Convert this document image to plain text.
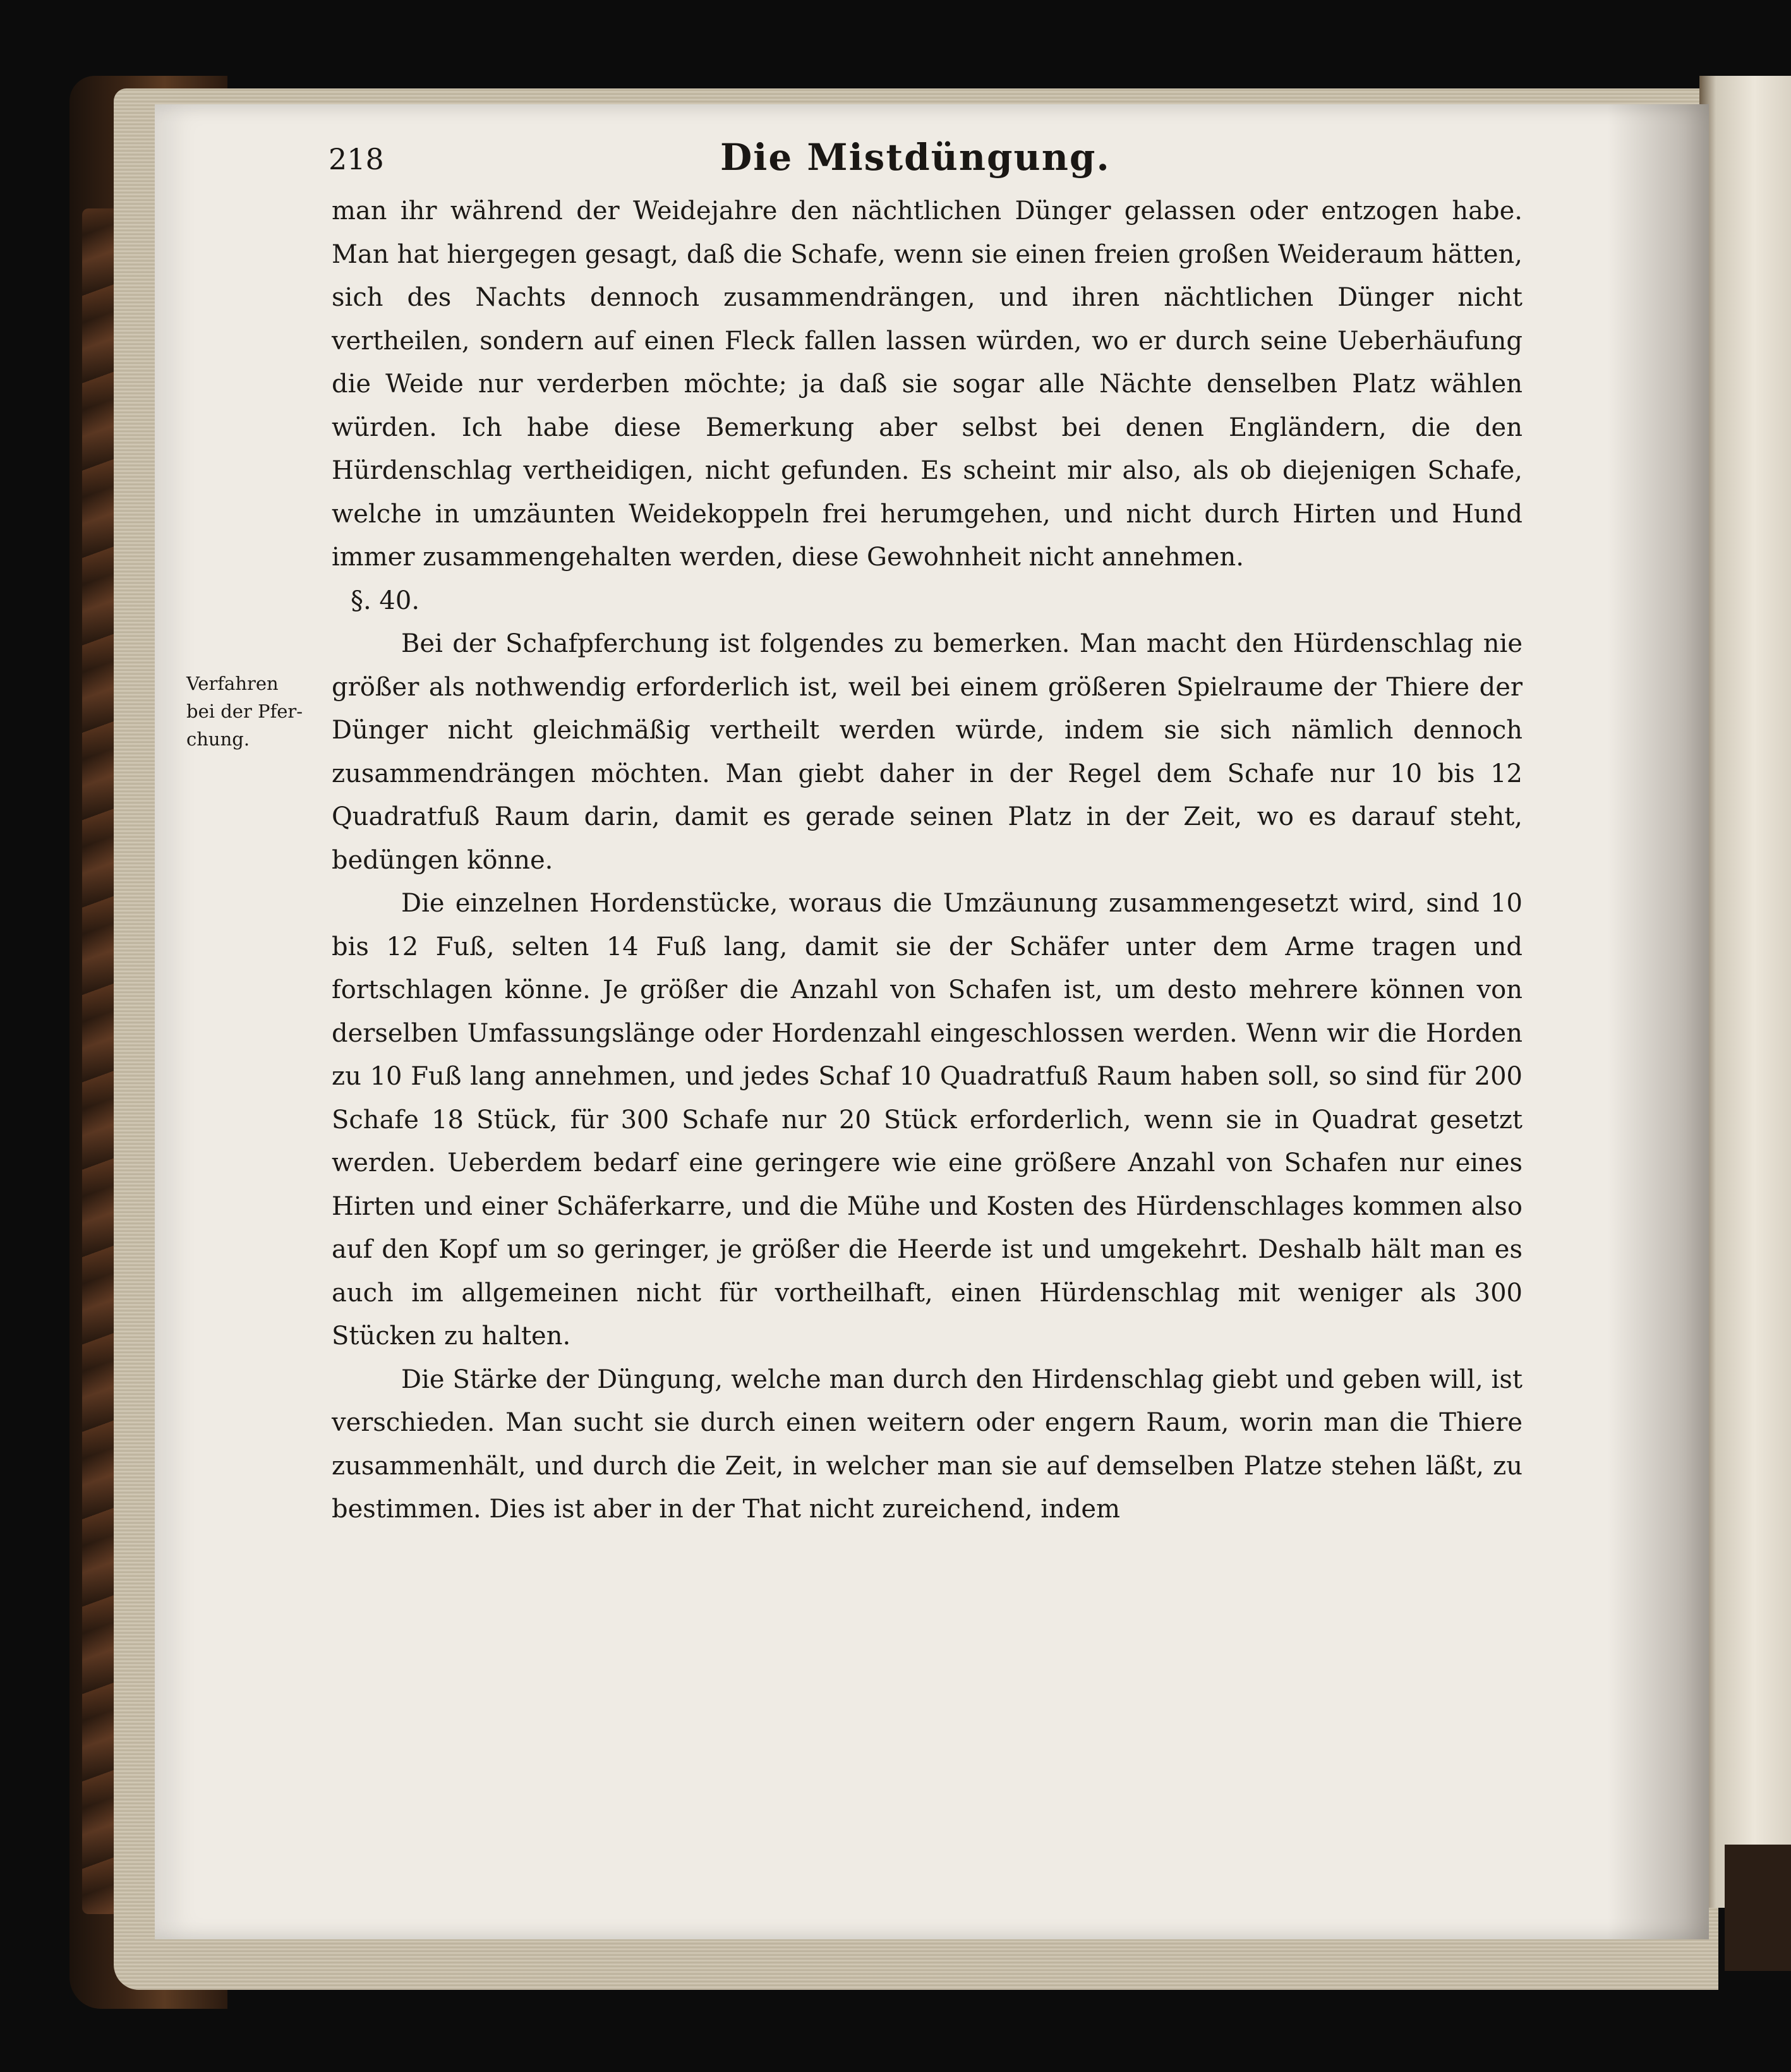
218	Die Mistdüngung.
Verfahren
bei der Pfer-
chung.

man ihr während der Weidejahre den nächtlichen Dünger gelassen oder entzogen habe. Man hat hiergegen gesagt, daß die Schafe, wenn sie einen freien großen Weideraum hätten, sich des Nachts dennoch zusammendrängen, und ihren nächtlichen Dünger nicht vertheilen, sondern auf einen Fleck fallen lassen würden, wo er durch seine Ueberhäufung die Weide nur verderben möchte; ja daß sie sogar alle Nächte denselben Platz wählen würden. Ich habe diese Bemerkung aber selbst bei denen Engländern, die den Hürdenschlag vertheidigen, nicht gefunden. Es scheint mir also, als ob diejenigen Schafe, welche in umzäunten Weidekoppeln frei herumgehen, und nicht durch Hirten und Hund immer zusammengehalten werden, diese Gewohnheit nicht annehmen.

§. 40.

Bei der Schafpferchung ist folgendes zu bemerken. Man macht den Hürdenschlag nie größer als nothwendig erforderlich ist, weil bei einem größeren Spielraume der Thiere der Dünger nicht gleichmäßig vertheilt werden würde, indem sie sich nämlich dennoch zusammendrängen möchten. Man giebt daher in der Regel dem Schafe nur 10 bis 12 Quadratfuß Raum darin, damit es gerade seinen Platz in der Zeit, wo es darauf steht, bedüngen könne.

Die einzelnen Hordenstücke, woraus die Umzäunung zusammengesetzt wird, sind 10 bis 12 Fuß, selten 14 Fuß lang, damit sie der Schäfer unter dem Arme tragen und fortschlagen könne. Je größer die Anzahl von Schafen ist, um desto mehrere können von derselben Umfassungslänge oder Hordenzahl eingeschlossen werden. Wenn wir die Horden zu 10 Fuß lang annehmen, und jedes Schaf 10 Quadratfuß Raum haben soll, so sind für 200 Schafe 18 Stück, für 300 Schafe nur 20 Stück erforderlich, wenn sie in Quadrat gesetzt werden. Ueberdem bedarf eine geringere wie eine größere Anzahl von Schafen nur eines Hirten und einer Schäferkarre, und die Mühe und Kosten des Hürdenschlages kommen also auf den Kopf um so geringer, je größer die Heerde ist und umgekehrt. Deshalb hält man es auch im allgemeinen nicht für vortheilhaft, einen Hürdenschlag mit weniger als 300 Stücken zu halten.

Die Stärke der Düngung, welche man durch den Hirdenschlag giebt und geben will, ist verschieden. Man sucht sie durch einen weitern oder engern Raum, worin man die Thiere zusammenhält, und durch die Zeit, in welcher man sie auf demselben Platze stehen läßt, zu bestimmen. Dies ist aber in der That nicht zureichend, indem
